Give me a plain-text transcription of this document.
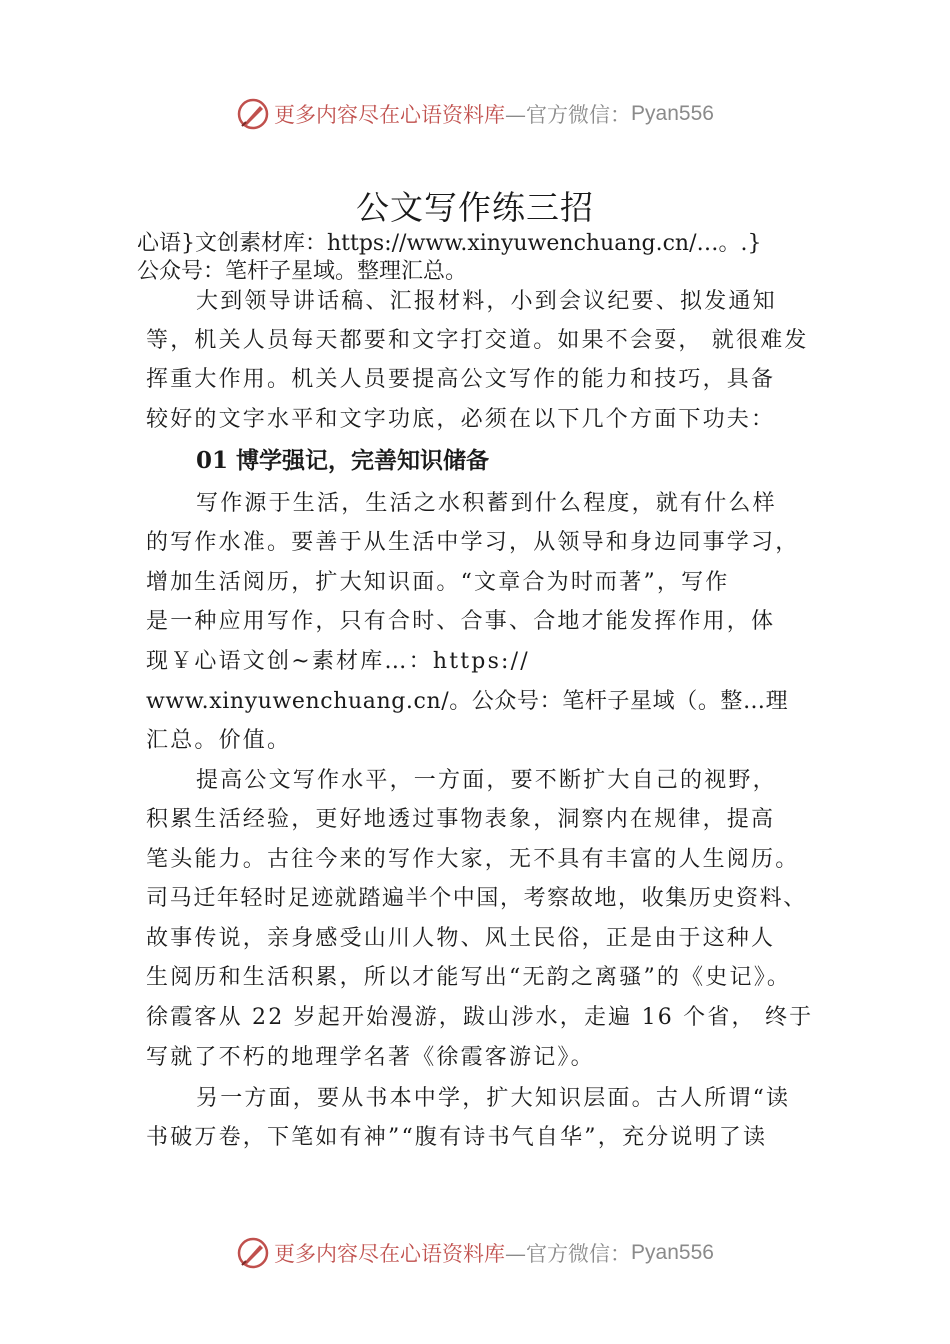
更多内容尽在心语资料库 —官方微信： Pyan556
公文写作练三招

心语}文创素材库：https://www.xinyuwenchuang.cn/…。.}

公众号：笔杆子星域。整理汇总。

大到领导讲话稿、汇报材料，小到会议纪要、拟发通知

等，机关人员每天都要和文字打交道。如果不会耍， 就很难发

挥重大作用。机关人员要提高公文写作的能力和技巧，具备

较好的文字水平和文字功底，必须在以下几个方面下功夫：

01 博学强记，完善知识储备

写作源于生活，生活之水积蓄到什么程度，就有什么样

的写作水准。要善于从生活中学习，从领导和身边同事学习，

增加生活阅历，扩大知识面。“文章合为时而著”，写作

是一种应用写作，只有合时、合事、合地才能发挥作用，体

现￥心语文创~素材库…：https://

www.xinyuwenchuang.cn/。公众号：笔杆子星域（。整…理

汇总。价值。

提高公文写作水平，一方面，要不断扩大自己的视野，

积累生活经验，更好地透过事物表象，洞察内在规律，提高

笔头能力。古往今来的写作大家，无不具有丰富的人生阅历。

司马迁年轻时足迹就踏遍半个中国，考察故地，收集历史资料、

故事传说，亲身感受山川人物、风土民俗，正是由于这种人

生阅历和生活积累，所以才能写出“无韵之离骚”的《史记》。

徐霞客从 22 岁起开始漫游，跋山涉水，走遍 16 个省， 终于

写就了不朽的地理学名著《徐霞客游记》。

另一方面，要从书本中学，扩大知识层面。古人所谓“读

书破万卷，下笔如有神”“腹有诗书气自华”，充分说明了读

更多内容尽在心语资料库 —官方微信： Pyan556
